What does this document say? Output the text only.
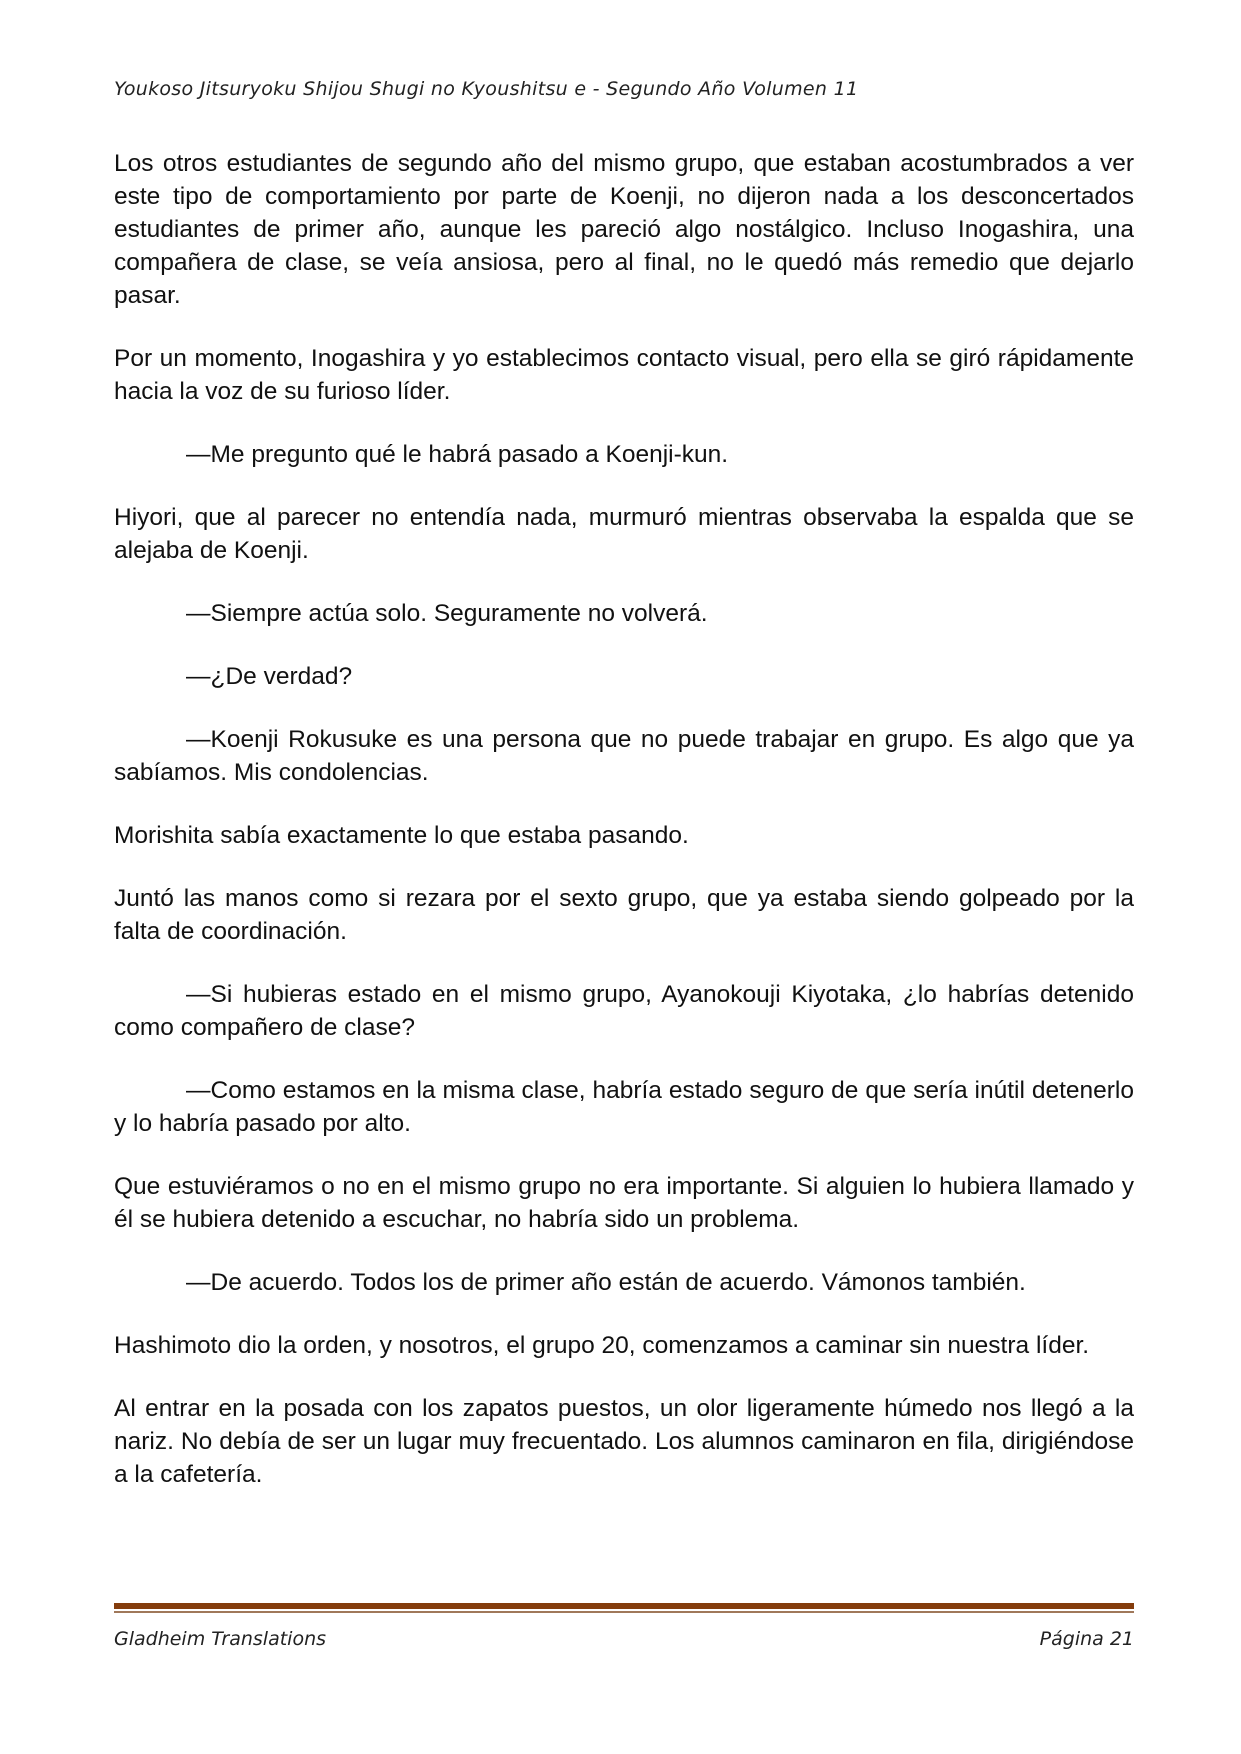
Youkoso Jitsuryoku Shijou Shugi no Kyoushitsu e - Segundo Año Volumen 11

Los otros estudiantes de segundo año del mismo grupo, que estaban acostumbrados a ver este tipo de comportamiento por parte de Koenji, no dijeron nada a los desconcertados estudiantes de primer año, aunque les pareció algo nostálgico. Incluso Inogashira, una compañera de clase, se veía ansiosa, pero al final, no le quedó más remedio que dejarlo pasar.

Por un momento, Inogashira y yo establecimos contacto visual, pero ella se giró rápidamente hacia la voz de su furioso líder.

—Me pregunto qué le habrá pasado a Koenji-kun.

Hiyori, que al parecer no entendía nada, murmuró mientras observaba la espalda que se alejaba de Koenji.

—Siempre actúa solo. Seguramente no volverá.

—¿De verdad?

—Koenji Rokusuke es una persona que no puede trabajar en grupo. Es algo que ya sabíamos. Mis condolencias.

Morishita sabía exactamente lo que estaba pasando.

Juntó las manos como si rezara por el sexto grupo, que ya estaba siendo golpeado por la falta de coordinación.

—Si hubieras estado en el mismo grupo, Ayanokouji Kiyotaka, ¿lo habrías detenido como compañero de clase?

—Como estamos en la misma clase, habría estado seguro de que sería inútil detenerlo y lo habría pasado por alto.

Que estuviéramos o no en el mismo grupo no era importante. Si alguien lo hubiera llamado y él se hubiera detenido a escuchar, no habría sido un problema.

—De acuerdo. Todos los de primer año están de acuerdo. Vámonos también.

Hashimoto dio la orden, y nosotros, el grupo 20, comenzamos a caminar sin nuestra líder.

Al entrar en la posada con los zapatos puestos, un olor ligeramente húmedo nos llegó a la nariz. No debía de ser un lugar muy frecuentado. Los alumnos caminaron en fila, dirigiéndose a la cafetería.

Gladheim Translations	Página 21
